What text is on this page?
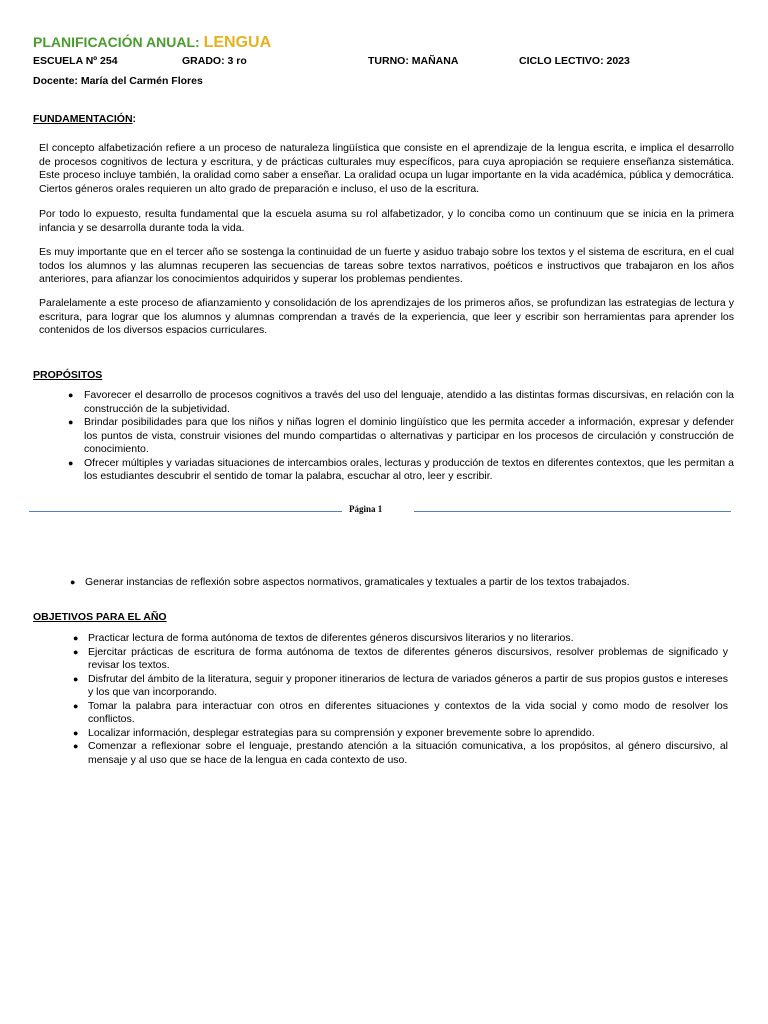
PLANIFICACIÓN ANUAL: LENGUA
ESCUELA Nº 254	GRADO: 3 ro	TURNO: MAÑANA	CICLO LECTIVO: 2023
Docente: María del Carmén Flores
FUNDAMENTACIÓN:

El concepto alfabetización refiere a un proceso de naturaleza lingüística que consiste en el aprendizaje de la lengua escrita, e implica el desarrollo de procesos cognitivos de lectura y escritura, y de prácticas culturales muy específicos, para cuya apropiación se requiere enseñanza sistemática. Este proceso incluye también, la oralidad como saber a enseñar. La oralidad ocupa un lugar importante en la vida académica, pública y democrática. Ciertos géneros orales requieren un alto grado de preparación e incluso, el uso de la escritura.

Por todo lo expuesto, resulta fundamental que la escuela asuma su rol alfabetizador, y lo conciba como un continuum que se inicia en la primera infancia y se desarrolla durante toda la vida.

Es muy importante que en el tercer año se sostenga la continuidad de un fuerte y asiduo trabajo sobre los textos y el sistema de escritura, en el cual todos los alumnos y las alumnas recuperen las secuencias de tareas sobre textos narrativos, poéticos e instructivos que trabajaron en los años anteriores, para afianzar los conocimientos adquiridos y superar los problemas pendientes.

Paralelamente a este proceso de afianzamiento y consolidación de los aprendizajes de los primeros años, se profundizan las estrategias de lectura y escritura, para lograr que los alumnos y alumnas comprendan a través de la experiencia, que leer y escribir son herramientas para aprender los contenidos de los diversos espacios curriculares.

PROPÓSITOS
● Favorecer el desarrollo de procesos cognitivos a través del uso del lenguaje, atendido a las distintas formas discursivas, en relación con la construcción de la subjetividad.
● Brindar posibilidades para que los niños y niñas logren el dominio lingüístico que les permita acceder a información, expresar y defender los puntos de vista, construir visiones del mundo compartidas o alternativas y participar en los procesos de circulación y construcción de conocimiento.
● Ofrecer múltiples y variadas situaciones de intercambios orales, lecturas y producción de textos en diferentes contextos, que les permitan a los estudiantes descubrir el sentido de tomar la palabra, escuchar al otro, leer y escribir.
Página 1
● Generar instancias de reflexión sobre aspectos normativos, gramaticales y textuales a partir de los textos trabajados.
OBJETIVOS PARA EL AÑO
● Practicar lectura de forma autónoma de textos de diferentes géneros discursivos literarios y no literarios.
● Ejercitar prácticas de escritura de forma autónoma de textos de diferentes géneros discursivos, resolver problemas de significado y revisar los textos.
● Disfrutar del ámbito de la literatura, seguir y proponer itinerarios de lectura de variados géneros a partir de sus propios gustos e intereses y los que van incorporando.
● Tomar la palabra para interactuar con otros en diferentes situaciones y contextos de la vida social y como modo de resolver los conflictos.
● Localizar información, desplegar estrategias para su comprensión y exponer brevemente sobre lo aprendido.
● Comenzar a reflexionar sobre el lenguaje, prestando atención a la situación comunicativa, a los propósitos, al género discursivo, al mensaje y al uso que se hace de la lengua en cada contexto de uso.
